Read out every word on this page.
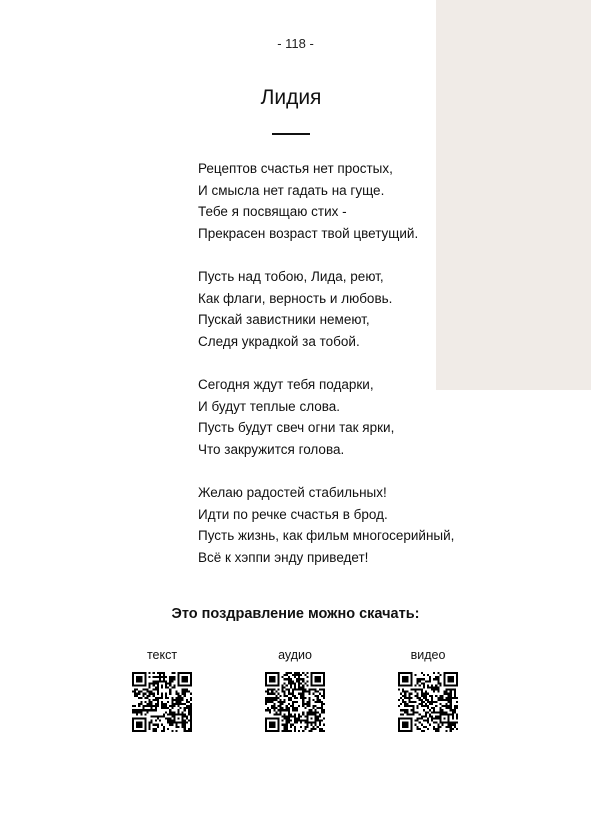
- 118 -
Лидия
Рецептов счастья нет простых,
И смысла нет гадать на гуще.
Тебе я посвящаю стих -
Прекрасен возраст твой цветущий.
Пусть над тобою, Лида, реют,
Как флаги, верность и любовь.
Пускай завистники немеют,
Следя украдкой за тобой.
Сегодня ждут тебя подарки,
И будут теплые слова.
Пусть будут свеч огни так ярки,
Что закружится голова.
Желаю радостей стабильных!
Идти по речке счастья в брод.
Пусть жизнь, как фильм многосерийный,
Всё к хэппи энду приведет!
Это поздравление можно скачать:
текст	аудио	видео
